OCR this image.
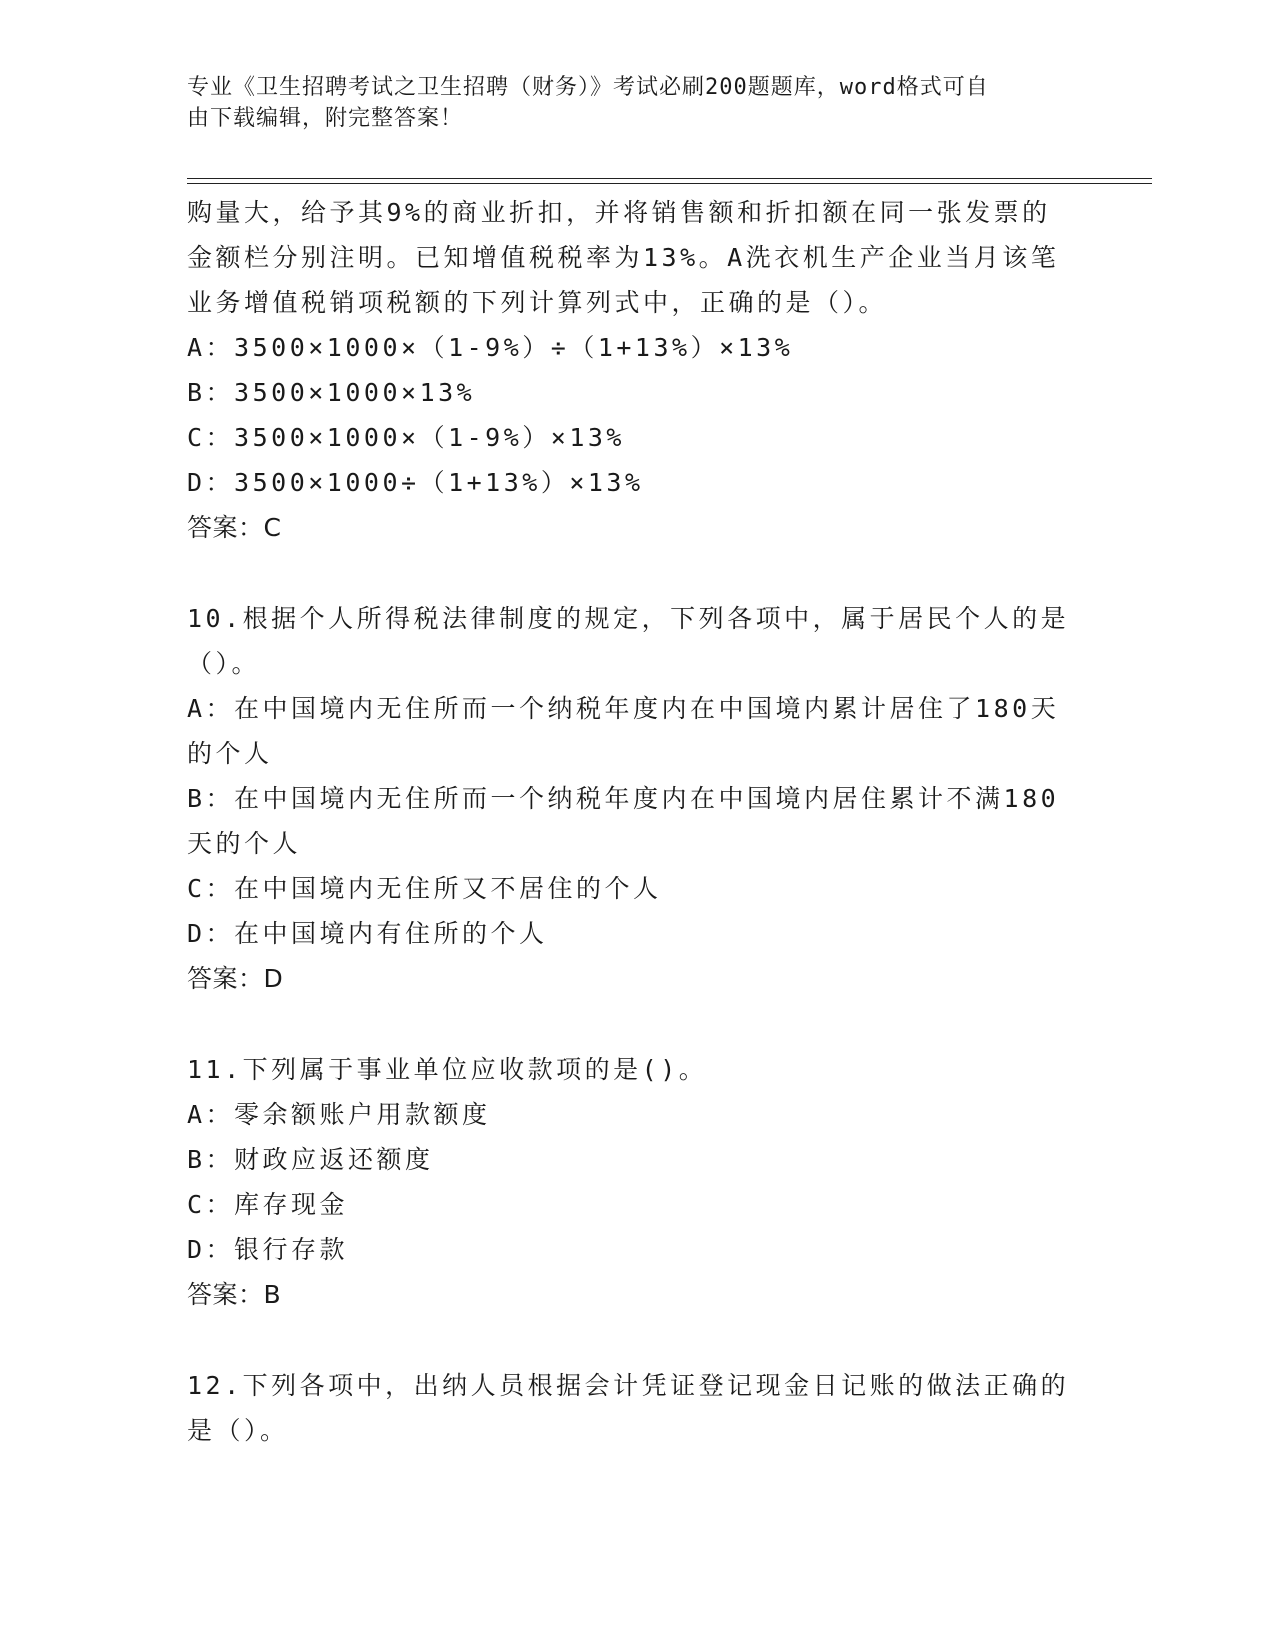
专业《卫生招聘考试之卫生招聘（财务）》考试必刷200题题库，word格式可自
由下载编辑，附完整答案！
购量大，给予其9%的商业折扣，并将销售额和折扣额在同一张发票的
金额栏分别注明。已知增值税税率为13%。A洗衣机生产企业当月该笔
业务增值税销项税额的下列计算列式中，正确的是（）。
A：3500×1000×（1-9%）÷（1+13%）×13%
B：3500×1000×13%
C：3500×1000×（1-9%）×13%
D：3500×1000÷（1+13%）×13%
答案：C
10.根据个人所得税法律制度的规定，下列各项中，属于居民个人的是
（）。
A：在中国境内无住所而一个纳税年度内在中国境内累计居住了180天
的个人
B：在中国境内无住所而一个纳税年度内在中国境内居住累计不满180
天的个人
C：在中国境内无住所又不居住的个人
D：在中国境内有住所的个人
答案：D
11.下列属于事业单位应收款项的是()。
A：零余额账户用款额度
B：财政应返还额度
C：库存现金
D：银行存款
答案：B
12.下列各项中，出纳人员根据会计凭证登记现金日记账的做法正确的
是（）。
